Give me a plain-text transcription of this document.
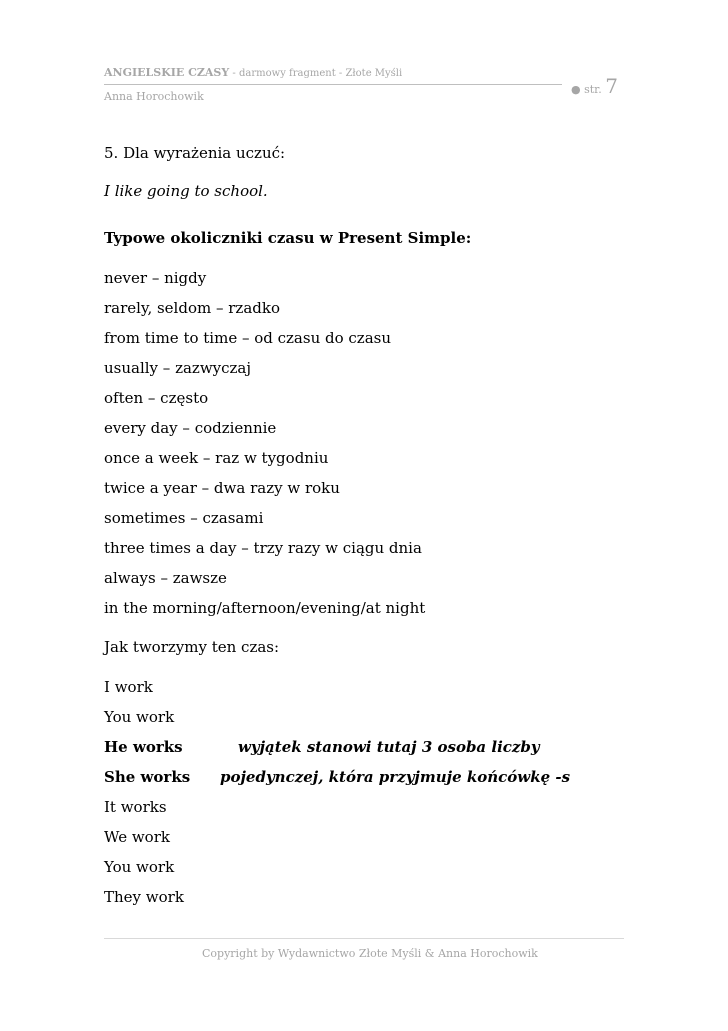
ANGIELSKIE CZASY - darmowy fragment - Złote Myśli
Anna Horochowik
● str. 7
5. Dla wyrażenia uczuć:
I like going to school.
Typowe okoliczniki czasu w Present Simple:
never – nigdy
rarely, seldom – rzadko
from time to time – od czasu do czasu
usually – zazwyczaj
often – często
every day – codziennie
once a week – raz w tygodniu
twice a year – dwa razy w roku
sometimes – czasami
three times a day – trzy razy w ciągu dnia
always – zawsze
in the morning/afternoon/evening/at night
Jak tworzymy ten czas:
I work
You work
He works
She works
It works
We work
You work
They work
wyjątek stanowi tutaj 3 osoba liczby
pojedynczej, która przyjmuje końcówkę -s
Copyright by Wydawnictwo Złote Myśli & Anna Horochowik
